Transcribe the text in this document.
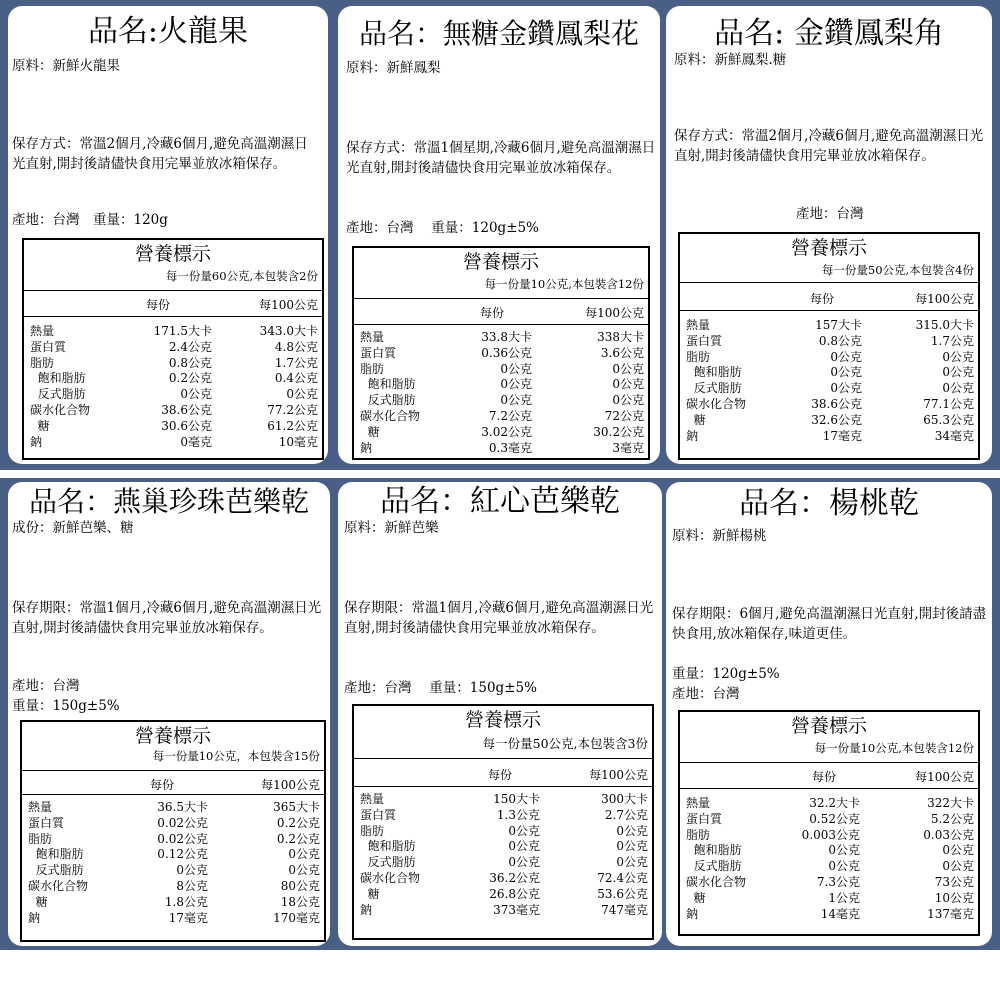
品名:火龍果
原料：新鮮火龍果
保存方式：常溫2個月,冷藏6個月,避免高溫潮濕日光直射,開封後請儘快食用完畢並放冰箱保存。
產地：台灣　重量：120g
營養標示
每一份量60公克,本包裝含2份
每份	每100公克
熱量	171.5大卡	343.0大卡
蛋白質	2.4公克	4.8公克
脂肪	0.8公克	1.7公克
飽和脂肪	0.2公克	0.4公克
反式脂肪	0公克	0公克
碳水化合物	38.6公克	77.2公克
糖	30.6公克	61.2公克
鈉	0毫克	10毫克
品名：無糖金鑽鳳梨花
原料：新鮮鳳梨
保存方式：常溫1個星期,冷藏6個月,避免高溫潮濕日光直射,開封後請儘快食用完畢並放冰箱保存。
產地：台灣　 重量：120g±5%
營養標示
每一份量10公克,本包裝含12份
每份	每100公克
熱量	33.8大卡	338大卡
蛋白質	0.36公克	3.6公克
脂肪	0公克	0公克
飽和脂肪	0公克	0公克
反式脂肪	0公克	0公克
碳水化合物	7.2公克	72公克
糖	3.02公克	30.2公克
鈉	0.3毫克	3毫克
品名: 金鑽鳳梨角
原料：新鮮鳳梨.糖
保存方式：常溫2個月,冷藏6個月,避免高溫潮濕日光直射,開封後請儘快食用完畢並放冰箱保存。
產地：台灣
營養標示
每一份量50公克,本包裝含4份
每份	每100公克
熱量	157大卡	315.0大卡
蛋白質	0.8公克	1.7公克
脂肪	0公克	0公克
飽和脂肪	0公克	0公克
反式脂肪	0公克	0公克
碳水化合物	38.6公克	77.1公克
糖	32.6公克	65.3公克
鈉	17毫克	34毫克
品名：燕巢珍珠芭樂乾
成份：新鮮芭樂、糖
保存期限：常溫1個月,冷藏6個月,避免高溫潮濕日光直射,開封後請儘快食用完畢並放冰箱保存。
產地：台灣
重量：150g±5%
營養標示
每一份量10公克，本包裝含15份
每份	每100公克
熱量	36.5大卡	365大卡
蛋白質	0.02公克	0.2公克
脂肪	0.02公克	0.2公克
飽和脂肪	0.12公克	0公克
反式脂肪	0公克	0公克
碳水化合物	8公克	80公克
糖	1.8公克	18公克
鈉	17毫克	170毫克
品名：紅心芭樂乾
原料：新鮮芭樂
保存期限：常溫1個月,冷藏6個月,避免高溫潮濕日光直射,開封後請儘快食用完畢並放冰箱保存。
產地：台灣　 重量：150g±5%
營養標示
每一份量50公克,本包裝含3份
每份	每100公克
熱量	150大卡	300大卡
蛋白質	1.3公克	2.7公克
脂肪	0公克	0公克
飽和脂肪	0公克	0公克
反式脂肪	0公克	0公克
碳水化合物	36.2公克	72.4公克
糖	26.8公克	53.6公克
鈉	373毫克	747毫克
品名：楊桃乾
原料：新鮮楊桃
保存期限：6個月,避免高溫潮濕日光直射,開封後請盡快食用,放冰箱保存,味道更佳。
重量：120g±5%
產地：台灣
營養標示
每一份量10公克,本包裝含12份
每份	每100公克
熱量	32.2大卡	322大卡
蛋白質	0.52公克	5.2公克
脂肪	0.003公克	0.03公克
飽和脂肪	0公克	0公克
反式脂肪	0公克	0公克
碳水化合物	7.3公克	73公克
糖	1公克	10公克
鈉	14毫克	137毫克
